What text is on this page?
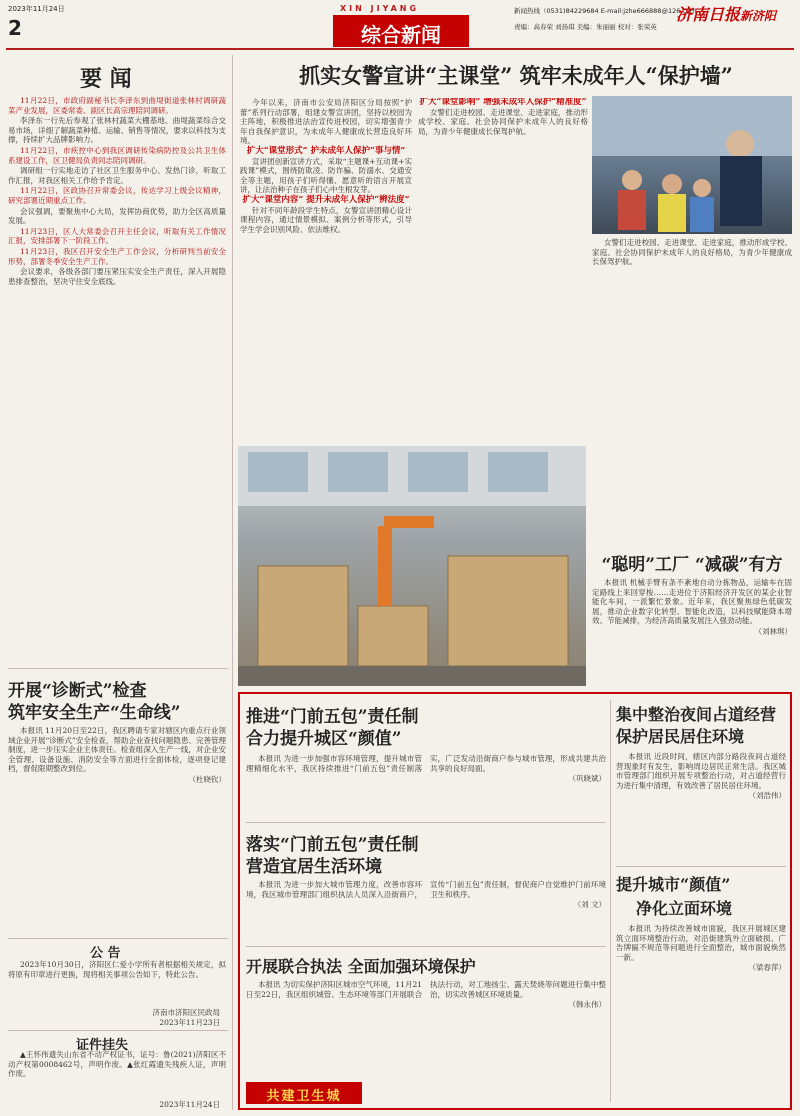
2023年11月24日
2
XIN JIYANG
综合新闻
新闻热线（0531)84229684 E-mail:jzhe666888@126.com
责编：高春荣 刘扬琪 美编：朱丽丽 校对：张荣英
济南日报新济阳
要 闻

11月22日，市政府副秘书长李泽东到曲堤街道张林村调研蔬菜产业发展，区委常委、副区长高宗理陪同调研。

李泽东一行先后参观了张林村蔬菜大棚基地、曲堤蔬菜综合交易市场，详细了解蔬菜种植、运输、销售等情况，要求以科技为支撑，持续扩大品牌影响力。

11月22日，市疾控中心到我区调研传染病防控及公共卫生体系建设工作，区卫健局负责同志陪同调研。

调研组一行实地走访了社区卫生服务中心、发热门诊，听取工作汇报，对我区相关工作给予肯定。

11月22日，区政协召开常委会议，传达学习上级会议精神，研究部署近期重点工作。

会议强调，要聚焦中心大局，发挥协商优势，助力全区高质量发展。

11月23日，区人大常委会召开主任会议，听取有关工作情况汇报，安排部署下一阶段工作。

11月23日，我区召开安全生产工作会议，分析研判当前安全形势，部署冬季安全生产工作。

会议要求，各级各部门要压紧压实安全生产责任，深入开展隐患排查整治，坚决守住安全底线。

开展“诊断式”检查
筑牢安全生产“生命线”

本报讯 11月20日至22日，我区聘请专家对辖区内重点行业领域企业开展“诊断式”安全检查，帮助企业查找问题隐患、完善管理制度，进一步压实企业主体责任。检查组深入生产一线，对企业安全管理、设备设施、消防安全等方面进行全面体检，逐项登记建档，督促限期整改到位。

（杜晓钦）

公 告

2023年10月30日，济阳区仁爱小学所有者根据相关规定，拟将原有印章进行更换，现将相关事项公告如下，特此公告。

济南市济阳区民政局
2023年11月23日
证件挂失

▲王怀伟遗失山东省不动产权证书，证号：鲁(2021)济阳区不动产权第0008462号，声明作废。▲张红霞遗失残疾人证，声明作废。

2023年11月24日
抓实女警宣讲“主课堂” 筑牢未成年人“保护墙”

今年以来，济南市公安局济阳区分局按照“护蕾”系列行动部署，组建女警宣讲团，坚持以校园为主阵地，积极推进法治宣传进校园，切实增强青少年自我保护意识，为未成年人健康成长营造良好环境。

扩大“课堂形式” 护未成年人保护“事与情”

宣讲团创新宣讲方式，采取“主题课+互动课+实践课”模式，围绕防欺凌、防诈骗、防溺水、交通安全等主题，用孩子们听得懂、愿意听的语言开展宣讲，让法治种子在孩子们心中生根发芽。

扩大“课堂内容” 提升未成年人保护“辨法度”

针对不同年龄段学生特点，女警宣讲团精心设计课程内容，通过情景模拟、案例分析等形式，引导学生学会识别风险、依法维权。

扩大“课堂影响” 增强未成年人保护“精准度”

女警们走进校园、走进课堂、走进家庭，推动形成学校、家庭、社会协同保护未成年人的良好格局，为青少年健康成长保驾护航。

女警们走进校园、走进课堂、走进家庭，推动形成学校、家庭、社会协同保护未成年人的良好格局，为青少年健康成长保驾护航。

“聪明”工厂 “减碳”有方

本报讯 机械手臂有条不紊地自动分拣物品，运输车在固定路线上来回穿梭……走进位于济阳经济开发区的某企业智能化车间，一派繁忙景象。近年来，我区聚焦绿色低碳发展，推动企业数字化转型、智能化改造，以科技赋能降本增效、节能减排，为经济高质量发展注入强劲动能。

（刘林琪）

推进“门前五包”责任制
合力提升城区“颜值”

本报讯 为进一步加强市容环境管理，提升城市管理精细化水平，我区持续推进“门前五包”责任制落实，广泛发动沿街商户参与城市管理，形成共建共治共享的良好局面。

（巩晓斌）

落实“门前五包”责任制
营造宜居生活环境

本报讯 为进一步加大城市管理力度，改善市容环境，我区城市管理部门组织执法人员深入沿街商户，宣传“门前五包”责任制，督促商户自觉维护门前环境卫生和秩序。

（刘 文）

开展联合执法 全面加强环境保护

本报讯 为切实保护济阳区城市空气环境，11月21日至22日，我区组织城管、生态环境等部门开展联合执法行动，对工地扬尘、露天焚烧等问题进行集中整治，切实改善城区环境质量。

（韩永伟）

共建卫生城
集中整治夜间占道经营
保护居民居住环境

本报讯 近段时间，辖区内部分路段夜间占道经营现象时有发生，影响周边居民正常生活。我区城市管理部门组织开展专项整治行动，对占道经营行为进行集中清理，有效改善了居民居住环境。

（刘浩伟）

提升城市“颜值”
净化立面环境

本报讯 为持续改善城市面貌，我区开展城区建筑立面环境整治行动，对沿街建筑外立面破损、广告牌匾不规范等问题进行全面整治，城市面貌焕然一新。

（梁春萍）
